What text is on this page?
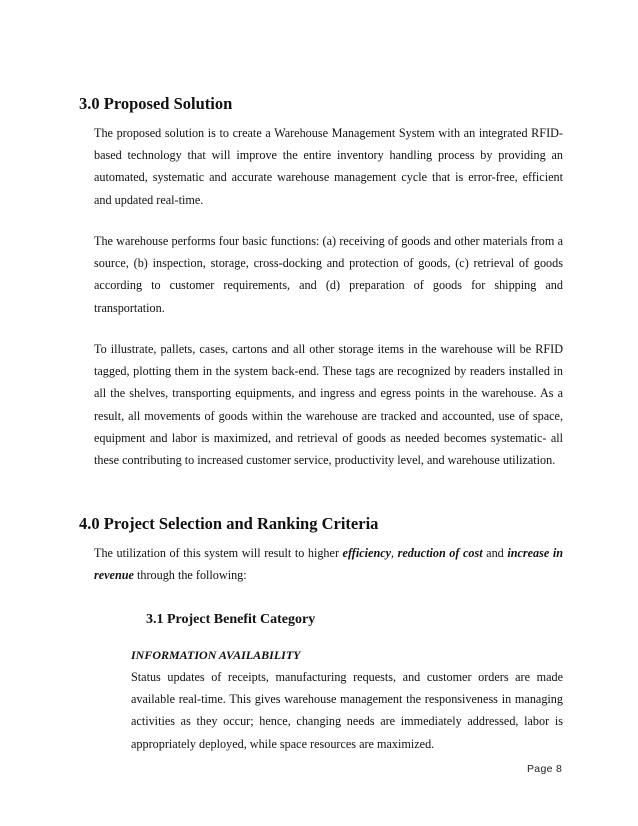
3.0 Proposed Solution

The proposed solution is to create a Warehouse Management System with an integrated RFID-based technology that will improve the entire inventory handling process by providing an automated, systematic and accurate warehouse management cycle that is error-free, efficient and updated real-time.

The warehouse performs four basic functions: (a) receiving of goods and other materials from a source, (b) inspection, storage, cross-docking and protection of goods, (c) retrieval of goods according to customer requirements, and (d) preparation of goods for shipping and transportation.

To illustrate, pallets, cases, cartons and all other storage items in the warehouse will be RFID tagged, plotting them in the system back-end. These tags are recognized by readers installed in all the shelves, transporting equipments, and ingress and egress points in the warehouse. As a result, all movements of goods within the warehouse are tracked and accounted, use of space, equipment and labor is maximized, and retrieval of goods as needed becomes systematic- all these contributing to increased customer service, productivity level, and warehouse utilization.

4.0 Project Selection and Ranking Criteria

The utilization of this system will result to higher efficiency, reduction of cost and increase in revenue through the following:

3.1 Project Benefit Category

INFORMATION AVAILABILITY

Status updates of receipts, manufacturing requests, and customer orders are made available real-time. This gives warehouse management the responsiveness in managing activities as they occur; hence, changing needs are immediately addressed, labor is appropriately deployed, while space resources are maximized.

Page 8
